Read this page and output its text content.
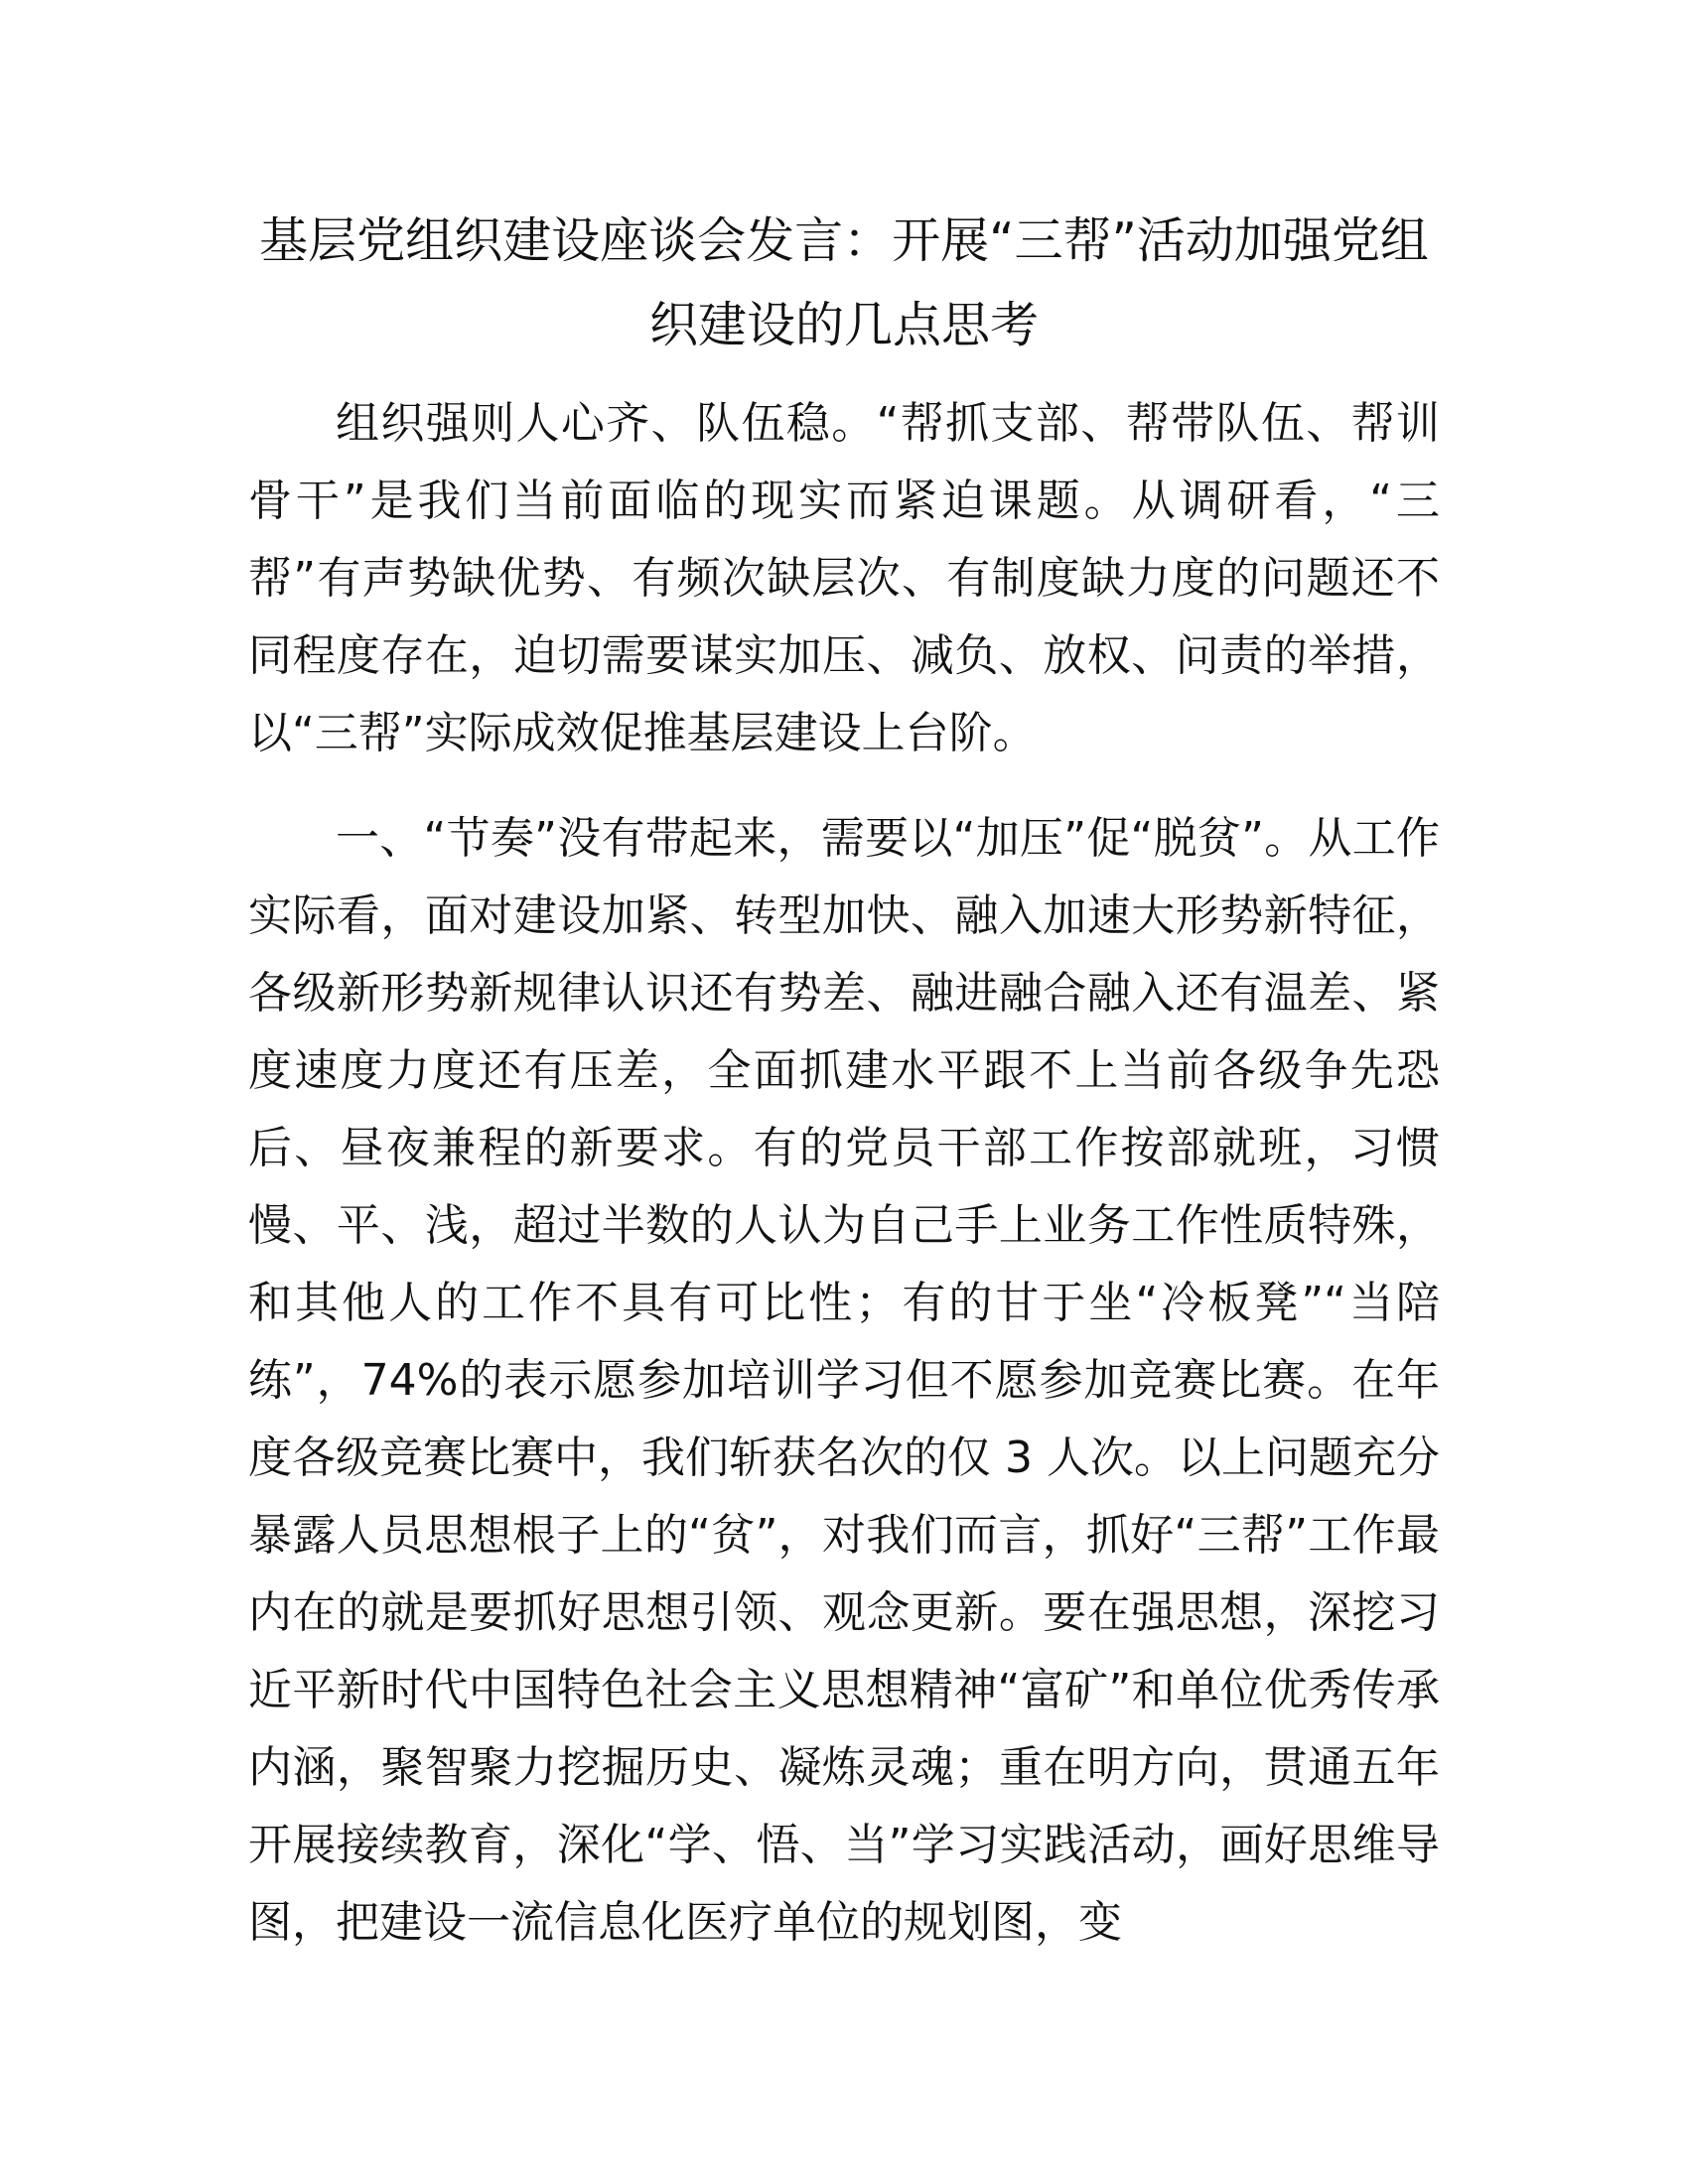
基层党组织建设座谈会发言：开展“三帮”活动加强党组织建设的几点思考

组织强则人心齐、队伍稳。“帮抓支部、帮带队伍、帮训骨干”是我们当前面临的现实而紧迫课题。从调研看，“三帮”有声势缺优势、有频次缺层次、有制度缺力度的问题还不同程度存在，迫切需要谋实加压、减负、放权、问责的举措，以“三帮”实际成效促推基层建设上台阶。

一、“节奏”没有带起来，需要以“加压”促“脱贫”。从工作实际看，面对建设加紧、转型加快、融入加速大形势新特征，各级新形势新规律认识还有势差、融进融合融入还有温差、紧度速度力度还有压差，全面抓建水平跟不上当前各级争先恐后、昼夜兼程的新要求。有的党员干部工作按部就班，习惯慢、平、浅，超过半数的人认为自己手上业务工作性质特殊，和其他人的工作不具有可比性；有的甘于坐“冷板凳”“当陪练”，74%的表示愿参加培训学习但不愿参加竞赛比赛。在年度各级竞赛比赛中，我们斩获名次的仅 3 人次。以上问题充分暴露人员思想根子上的“贫”，对我们而言，抓好“三帮”工作最内在的就是要抓好思想引领、观念更新。要在强思想，深挖习近平新时代中国特色社会主义思想精神“富矿”和单位优秀传承内涵，聚智聚力挖掘历史、凝炼灵魂；重在明方向，贯通五年开展接续教育，深化“学、悟、当”学习实践活动，画好思维导图，把建设一流信息化医疗单位的规划图，变
